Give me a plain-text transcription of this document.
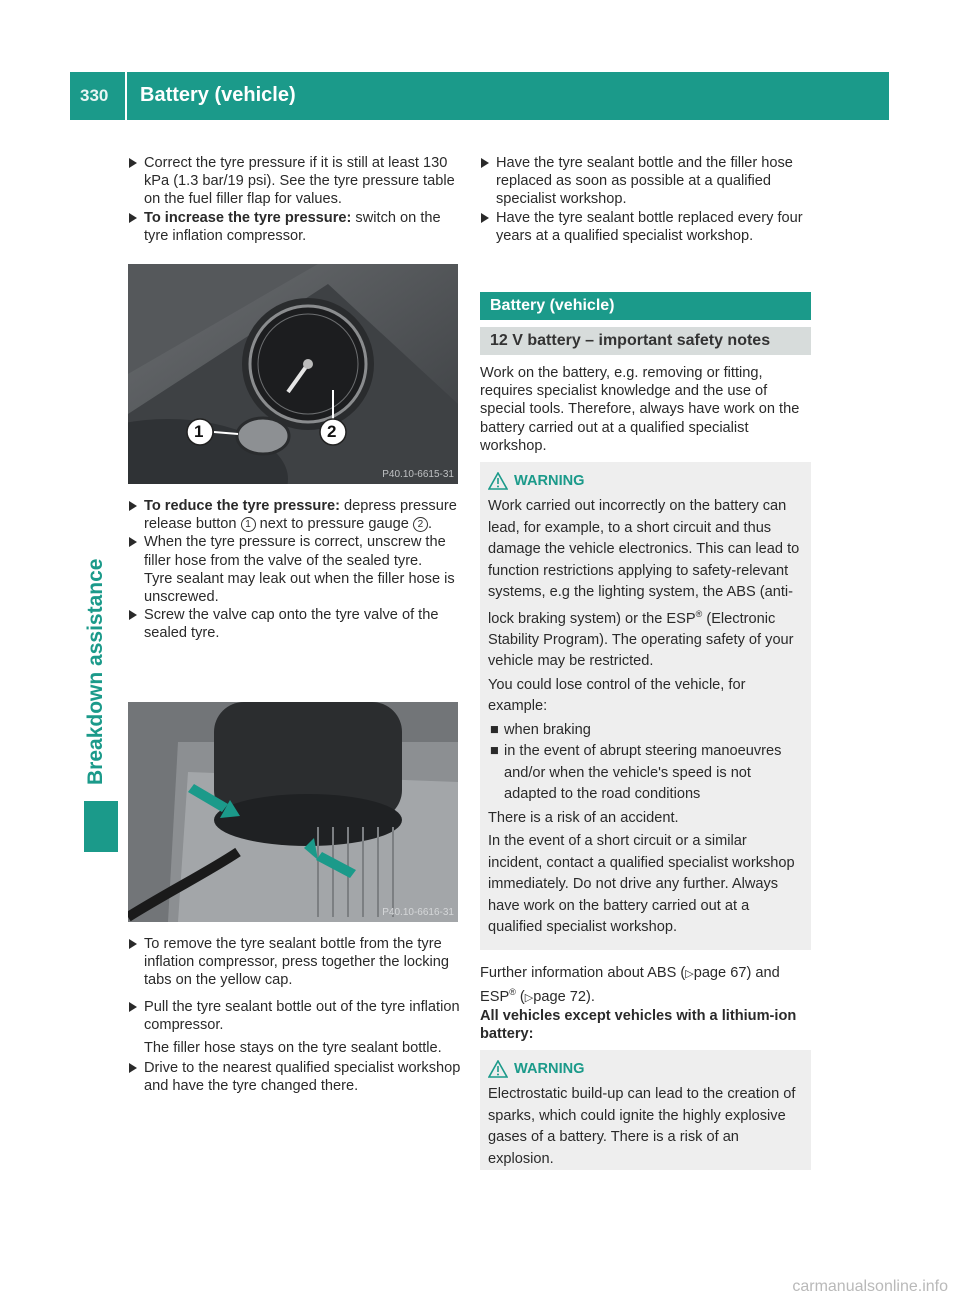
330 Battery (vehicle)
Breakdown assistance

Correct the tyre pressure if it is still at least 130 kPa (1.3 bar/19 psi). See the tyre pressure table on the fuel filler flap for values.

To increase the tyre pressure: switch on the tyre inflation compressor.

1	2
P40.10-6615-31

To reduce the tyre pressure: depress pressure release button 1 next to pressure gauge 2 .

When the tyre pressure is correct, unscrew the filler hose from the valve of the sealed tyre.

Tyre sealant may leak out when the filler hose is unscrewed.

Screw the valve cap onto the tyre valve of the sealed tyre.

P40.10-6616-31

To remove the tyre sealant bottle from the tyre inflation compressor, press together the locking tabs on the yellow cap.

Pull the tyre sealant bottle out of the tyre inflation compressor.

The filler hose stays on the tyre sealant bottle.

Drive to the nearest qualified specialist workshop and have the tyre changed there.

Have the tyre sealant bottle and the filler hose replaced as soon as possible at a qualified specialist workshop.

Have the tyre sealant bottle replaced every four years at a qualified specialist workshop.

Battery (vehicle)
12 V battery – important safety notes

Work on the battery, e.g. removing or fitting, requires specialist knowledge and the use of special tools. Therefore, always have work on the battery carried out at a qualified specialist workshop.

WARNING

Work carried out incorrectly on the battery can lead, for example, to a short circuit and thus damage the vehicle electronics. This can lead to function restrictions applying to safety-relevant systems, e.g the lighting system, the ABS (anti-lock braking system) or the ESP® (Electronic Stability Program). The operating safety of your vehicle may be restricted.

You could lose control of the vehicle, for example:

■ when braking
■ in the event of abrupt steering manoeuvres and/or when the vehicle's speed is not adapted to the road conditions

There is a risk of an accident.

In the event of a short circuit or a similar incident, contact a qualified specialist workshop immediately. Do not drive any further. Always have work on the battery carried out at a qualified specialist workshop.

Further information about ABS (▷page 67) and ESP® (▷page 72).

All vehicles except vehicles with a lithium-ion battery:

WARNING

Electrostatic build-up can lead to the creation of sparks, which could ignite the highly explosive gases of a battery. There is a risk of an explosion.

carmanualsonline.info
